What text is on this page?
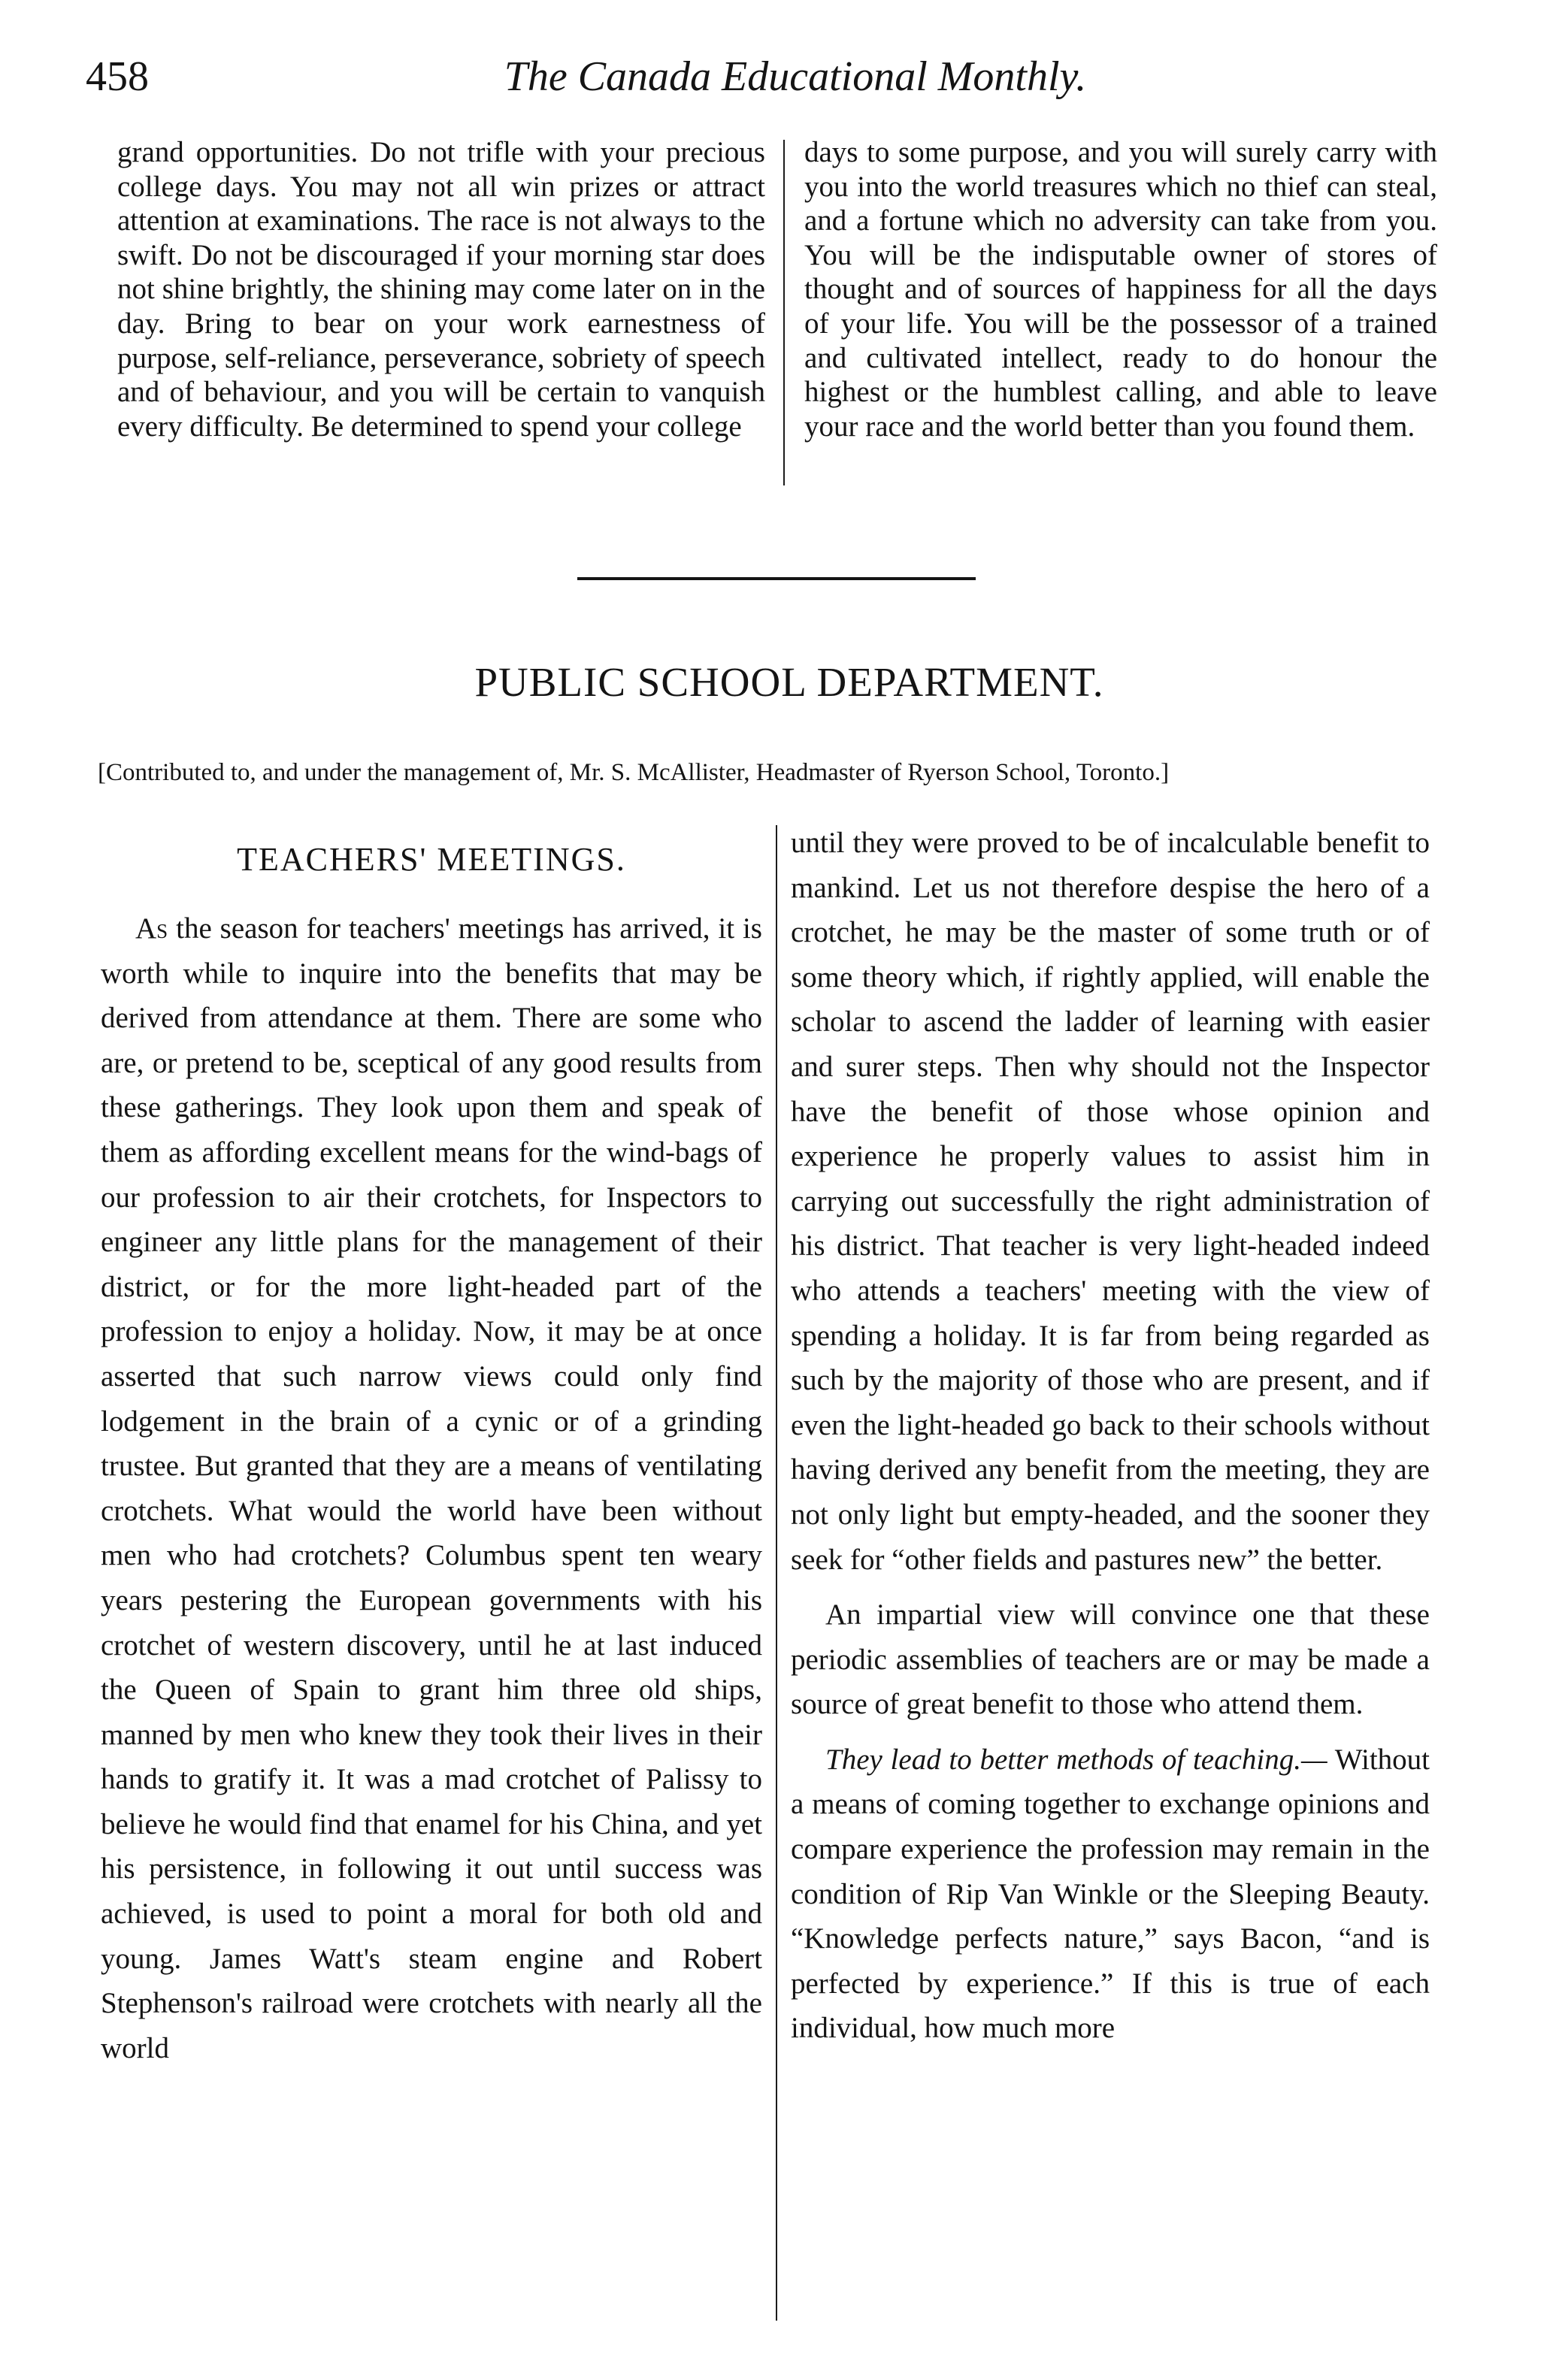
458	The Canada Educational Monthly.

grand opportunities. Do not trifle with your precious college days. You may not all win prizes or attract attention at examinations. The race is not always to the swift. Do not be discouraged if your morning star does not shine brightly, the shining may come later on in the day. Bring to bear on your work earnestness of purpose, self-reliance, perseverance, sobriety of speech and of behaviour, and you will be certain to vanquish every difficulty. Be determined to spend your college

days to some purpose, and you will surely carry with you into the world treasures which no thief can steal, and a fortune which no adversity can take from you. You will be the indisputable owner of stores of thought and of sources of happiness for all the days of your life. You will be the possessor of a trained and cultivated intellect, ready to do honour the highest or the humblest calling, and able to leave your race and the world better than you found them.

PUBLIC SCHOOL DEPARTMENT.
[Contributed to, and under the management of, Mr. S. McAllister, Headmaster of Ryerson School, Toronto.]
TEACHERS' MEETINGS.

As the season for teachers' meetings has arrived, it is worth while to inquire into the benefits that may be derived from attendance at them. There are some who are, or pretend to be, sceptical of any good results from these gatherings. They look upon them and speak of them as affording excellent means for the wind-bags of our profession to air their crotchets, for Inspectors to engineer any little plans for the management of their district, or for the more light-headed part of the profession to enjoy a holiday. Now, it may be at once asserted that such narrow views could only find lodgement in the brain of a cynic or of a grinding trustee. But granted that they are a means of ventilating crotchets. What would the world have been without men who had crotchets? Columbus spent ten weary years pestering the European governments with his crotchet of western discovery, until he at last induced the Queen of Spain to grant him three old ships, manned by men who knew they took their lives in their hands to gratify it. It was a mad crotchet of Palissy to believe he would find that enamel for his China, and yet his persistence, in following it out until success was achieved, is used to point a moral for both old and young. James Watt's steam engine and Robert Stephenson's railroad were crotchets with nearly all the world

until they were proved to be of incalculable benefit to mankind. Let us not therefore despise the hero of a crotchet, he may be the master of some truth or of some theory which, if rightly applied, will enable the scholar to ascend the ladder of learning with easier and surer steps. Then why should not the Inspector have the benefit of those whose opinion and experience he properly values to assist him in carrying out successfully the right administration of his district. That teacher is very light-headed indeed who attends a teachers' meeting with the view of spending a holiday. It is far from being regarded as such by the majority of those who are present, and if even the light-headed go back to their schools without having derived any benefit from the meeting, they are not only light but empty-headed, and the sooner they seek for “other fields and pastures new” the better.

An impartial view will convince one that these periodic assemblies of teachers are or may be made a source of great benefit to those who attend them.

They lead to better methods of teaching.— Without a means of coming together to exchange opinions and compare experience the profession may remain in the condition of Rip Van Winkle or the Sleeping Beauty. “Knowledge perfects nature,” says Bacon, “and is perfected by experience.” If this is true of each individual, how much more
